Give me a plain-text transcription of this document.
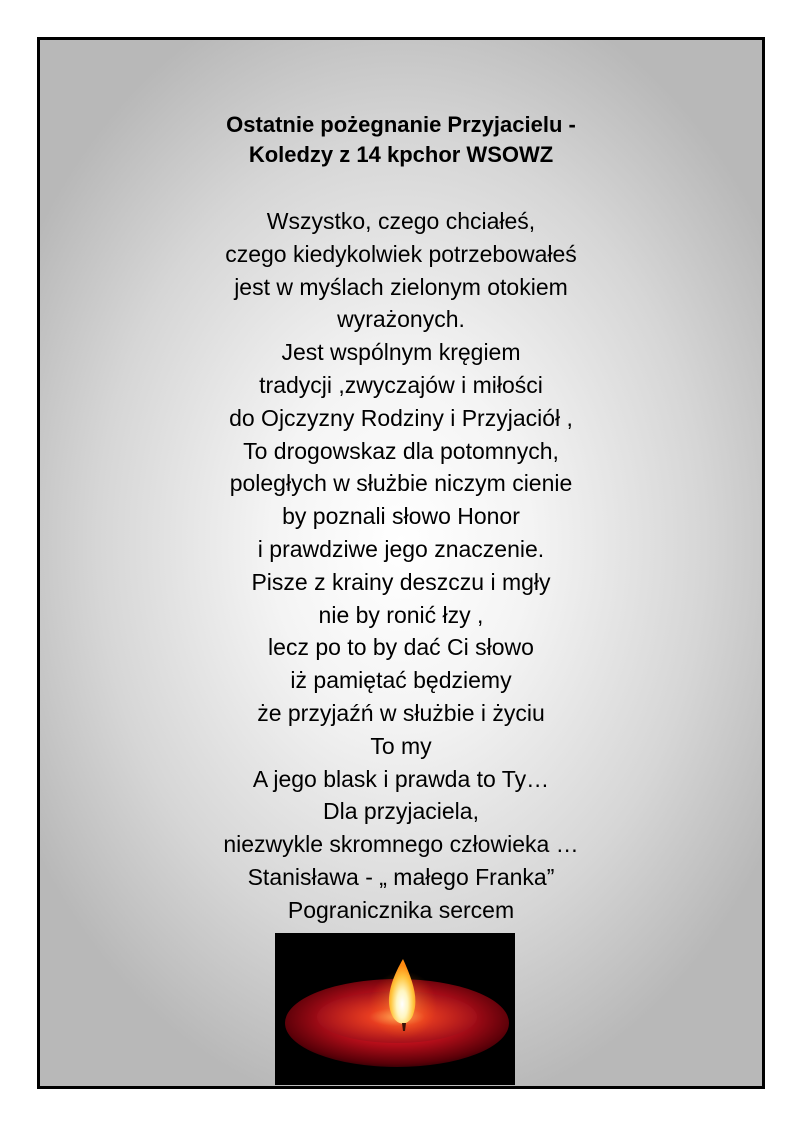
Ostatnie pożegnanie Przyjacielu -
Koledzy z 14 kpchor WSOWZ
Wszystko, czego chciałeś,
czego kiedykolwiek potrzebowałeś
jest w myślach zielonym otokiem
wyrażonych.
Jest wspólnym kręgiem
tradycji ,zwyczajów i miłości
do Ojczyzny Rodziny i Przyjaciół ,
To drogowskaz dla potomnych,
poległych w służbie niczym cienie
by poznali słowo Honor
i prawdziwe jego znaczenie.
Pisze z krainy deszczu i mgły
nie by ronić łzy ,
lecz po to by dać Ci słowo
iż pamiętać będziemy
że przyjaźń w służbie i życiu
To my
A jego blask i prawda to Ty…
Dla przyjaciela,
niezwykle skromnego człowieka …
Stanisława - „ małego Franka”
Pogranicznika sercem
